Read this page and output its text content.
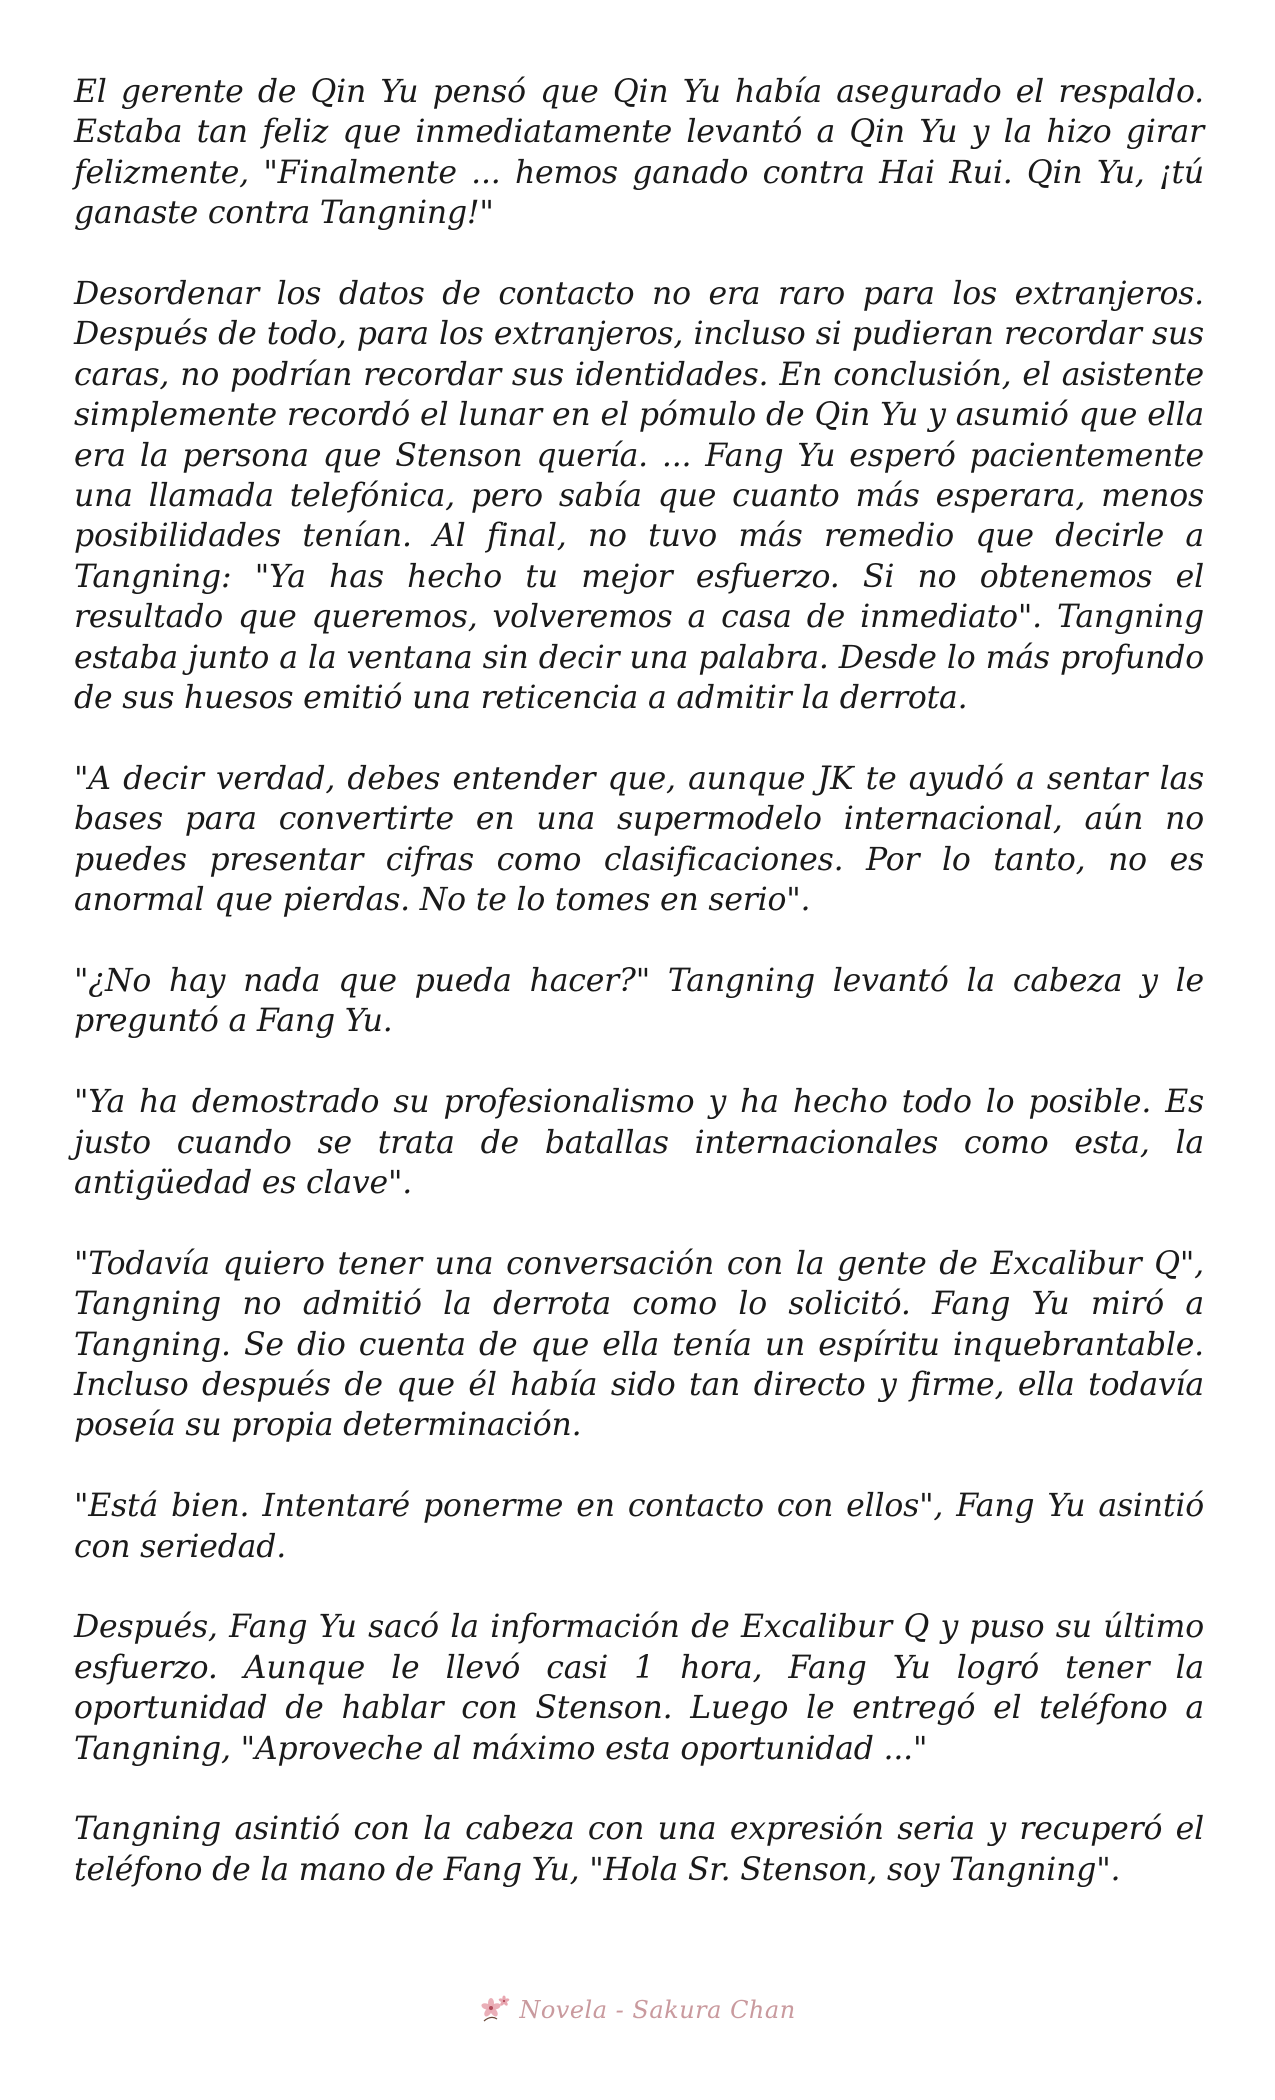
El gerente de Qin Yu pensó que Qin Yu había asegurado el respaldo. Estaba tan feliz que inmediatamente levantó a Qin Yu y la hizo girar felizmente, "Finalmente ... hemos ganado contra Hai Rui. Qin Yu, ¡tú ganaste contra Tangning!"

Desordenar los datos de contacto no era raro para los extranjeros. Después de todo, para los extranjeros, incluso si pudieran recordar sus caras, no podrían recordar sus identidades. En conclusión, el asistente simplemente recordó el lunar en el pómulo de Qin Yu y asumió que ella era la persona que Stenson quería. ... Fang Yu esperó pacientemente una llamada telefónica, pero sabía que cuanto más esperara, menos posibilidades tenían. Al final, no tuvo más remedio que decirle a Tangning: "Ya has hecho tu mejor esfuerzo. Si no obtenemos el resultado que queremos, volveremos a casa de inmediato". Tangning estaba junto a la ventana sin decir una palabra. Desde lo más profundo de sus huesos emitió una reticencia a admitir la derrota.

"A decir verdad, debes entender que, aunque JK te ayudó a sentar las bases para convertirte en una supermodelo internacional, aún no puedes presentar cifras como clasificaciones. Por lo tanto, no es anormal que pierdas. No te lo tomes en serio".

"¿No hay nada que pueda hacer?" Tangning levantó la cabeza y le preguntó a Fang Yu.

"Ya ha demostrado su profesionalismo y ha hecho todo lo posible. Es justo cuando se trata de batallas internacionales como esta, la antigüedad es clave".

"Todavía quiero tener una conversación con la gente de Excalibur Q", Tangning no admitió la derrota como lo solicitó. Fang Yu miró a Tangning. Se dio cuenta de que ella tenía un espíritu inquebrantable. Incluso después de que él había sido tan directo y firme, ella todavía poseía su propia determinación.

"Está bien. Intentaré ponerme en contacto con ellos", Fang Yu asintió con seriedad.

Después, Fang Yu sacó la información de Excalibur Q y puso su último esfuerzo. Aunque le llevó casi 1 hora, Fang Yu logró tener la oportunidad de hablar con Stenson. Luego le entregó el teléfono a Tangning, "Aproveche al máximo esta oportunidad ..."

Tangning asintió con la cabeza con una expresión seria y recuperó el teléfono de la mano de Fang Yu, "Hola Sr. Stenson, soy Tangning".

Novela - Sakura Chan
